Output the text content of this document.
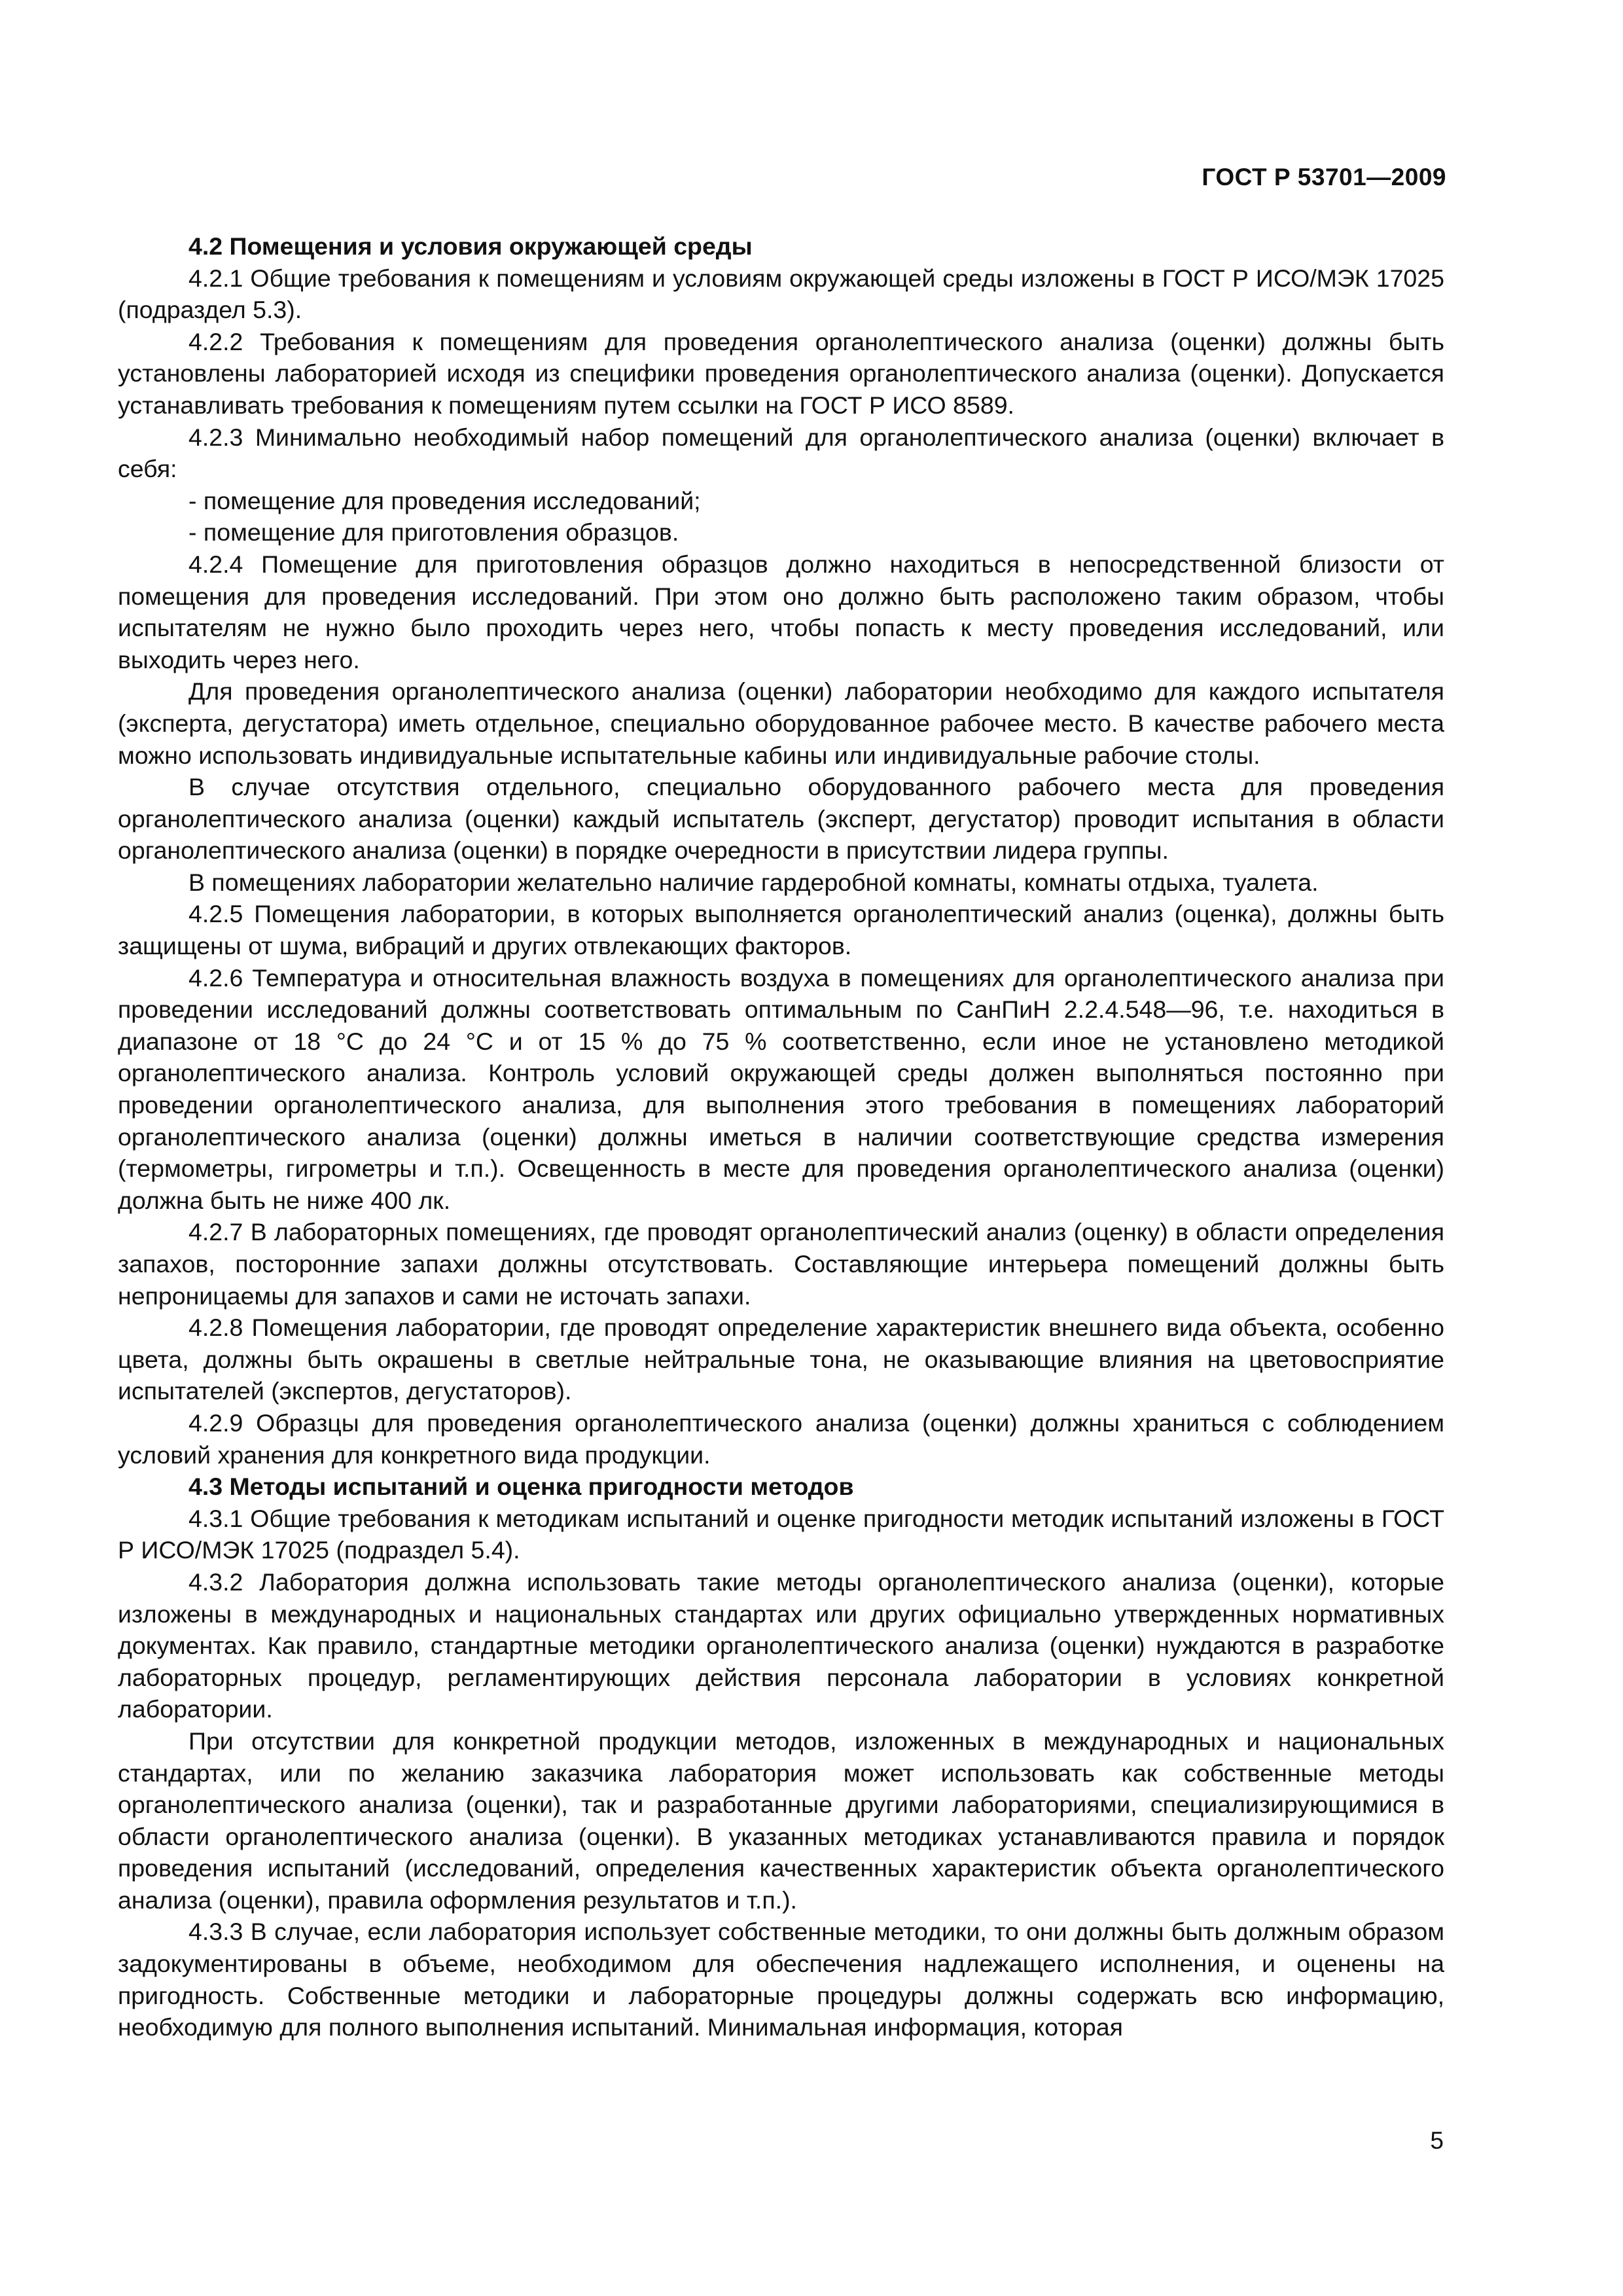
ГОСТ Р 53701—2009

4.2 Помещения и условия окружающей среды

4.2.1 Общие требования к помещениям и условиям окружающей среды изложены в ГОСТ Р ИСО/МЭК 17025 (подраздел 5.3).

4.2.2 Требования к помещениям для проведения органолептического анализа (оценки) должны быть установлены лабораторией исходя из специфики проведения органолептического анализа (оценки). Допускается устанавливать требования к помещениям путем ссылки на ГОСТ Р ИСО 8589.

4.2.3 Минимально необходимый набор помещений для органолептического анализа (оценки) включает в себя:

- помещение для проведения исследований;

- помещение для приготовления образцов.

4.2.4 Помещение для приготовления образцов должно находиться в непосредственной близости от помещения для проведения исследований. При этом оно должно быть расположено таким образом, чтобы испытателям не нужно было проходить через него, чтобы попасть к месту проведения исследований, или выходить через него.

Для проведения органолептического анализа (оценки) лаборатории необходимо для каждого испытателя (эксперта, дегустатора) иметь отдельное, специально оборудованное рабочее место. В качестве рабочего места можно использовать индивидуальные испытательные кабины или индивидуальные рабочие столы.

В случае отсутствия отдельного, специально оборудованного рабочего места для проведения органолептического анализа (оценки) каждый испытатель (эксперт, дегустатор) проводит испытания в области органолептического анализа (оценки) в порядке очередности в присутствии лидера группы.

В помещениях лаборатории желательно наличие гардеробной комнаты, комнаты отдыха, туалета.

4.2.5 Помещения лаборатории, в которых выполняется органолептический анализ (оценка), должны быть защищены от шума, вибраций и других отвлекающих факторов.

4.2.6 Температура и относительная влажность воздуха в помещениях для органолептического анализа при проведении исследований должны соответствовать оптимальным по СанПиН 2.2.4.548—96, т.е. находиться в диапазоне от 18 °С до 24 °С и от 15 % до 75 % соответственно, если иное не установлено методикой органолептического анализа. Контроль условий окружающей среды должен выполняться постоянно при проведении органолептического анализа, для выполнения этого требования в помещениях лабораторий органолептического анализа (оценки) должны иметься в наличии соответствующие средства измерения (термометры, гигрометры и т.п.). Освещенность в месте для проведения органолептического анализа (оценки) должна быть не ниже 400 лк.

4.2.7 В лабораторных помещениях, где проводят органолептический анализ (оценку) в области определения запахов, посторонние запахи должны отсутствовать. Составляющие интерьера помещений должны быть непроницаемы для запахов и сами не источать запахи.

4.2.8 Помещения лаборатории, где проводят определение характеристик внешнего вида объекта, особенно цвета, должны быть окрашены в светлые нейтральные тона, не оказывающие влияния на цветовосприятие испытателей (экспертов, дегустаторов).

4.2.9 Образцы для проведения органолептического анализа (оценки) должны храниться с соблюдением условий хранения для конкретного вида продукции.

4.3 Методы испытаний и оценка пригодности методов

4.3.1 Общие требования к методикам испытаний и оценке пригодности методик испытаний изложены в ГОСТ Р ИСО/МЭК 17025 (подраздел 5.4).

4.3.2 Лаборатория должна использовать такие методы органолептического анализа (оценки), которые изложены в международных и национальных стандартах или других официально утвержденных нормативных документах. Как правило, стандартные методики органолептического анализа (оценки) нуждаются в разработке лабораторных процедур, регламентирующих действия персонала лаборатории в условиях конкретной лаборатории.

При отсутствии для конкретной продукции методов, изложенных в международных и национальных стандартах, или по желанию заказчика лаборатория может использовать как собственные методы органолептического анализа (оценки), так и разработанные другими лабораториями, специализирующимися в области органолептического анализа (оценки). В указанных методиках устанавливаются правила и порядок проведения испытаний (исследований, определения качественных характеристик объекта органолептического анализа (оценки), правила оформления результатов и т.п.).

4.3.3 В случае, если лаборатория использует собственные методики, то они должны быть должным образом задокументированы в объеме, необходимом для обеспечения надлежащего исполнения, и оценены на пригодность. Собственные методики и лабораторные процедуры должны содержать всю информацию, необходимую для полного выполнения испытаний. Минимальная информация, которая

5
